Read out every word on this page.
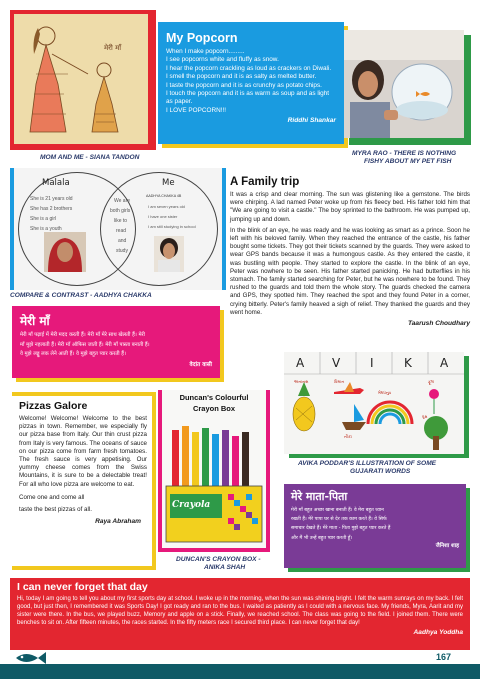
मेरी माँ
MOM AND ME - SIANA TANDON
My Popcorn

When I make popcorn.........

I see popcorns white and fluffy as snow.

I hear the popcorn crackling as loud as crackers on Diwali.

I smell the popcorn and it is as salty as melted butter.

I taste the popcorn and it is as crunchy as potato chips.

I touch the popcorn and it is as warm as soup and as light as paper.

I LOVE POPCORN!!!

Riddhi Shankar
MYRA RAO - THERE IS NOTHING
FISHY ABOUT MY PET FISH
Malala	Me
AADHYA CHAKKA 4B
She is 21 years old
She has 2 brothers
She is a girl
She is a youth
We are
both girls
like to
read
and
study
I am seven years old
I have one sister
I am still studying in school
COMPARE & CONTRAST - AADHYA CHAKKA
A Family trip

It was a crisp and clear morning. The sun was glistening like a gemstone. The birds were chirping. A lad named Peter woke up from his fleecy bed. His father told him that "We are going to visit a castle." The boy sprinted to the bathroom. He was pumped up, jumping up and down.

In the blink of an eye, he was ready and he was looking as smart as a prince. Soon he left with his beloved family. When they reached the entrance of the castle, his father bought some tickets. They got their tickets scanned by the guards. They were asked to wear GPS bands because it was a humongous castle. As they entered the castle, it was bustling with people. They started to explore the castle. In the blink of an eye, Peter was nowhere to be seen. His father started panicking. He had butterflies in his stomach. The family started searching for Peter, but he was nowhere to be found. They rushed to the guards and told them the whole story. The guards checked the camera and GPS, they spotted him. They reached the spot and they found Peter in a corner, crying bitterly. Peter's family heaved a sigh of relief. They thanked the guards and they went home.

Taarush Choudhary
मेरी माँ

मेरी माँ पढ़ाई में मेरी मदद करती हैं। मेरी माँ मेरे साथ खेलती हैं। मेरी

माँ मुझे नहलाती हैं। मेरी माँ ऑफिस जाती हैं। मेरी माँ पास्ता बनाती हैं।

वे मुझे लड्डू लक लेने आती हैं। वे मुझे बहुत प्यार करती हैं।

वेदांत वासी	A V I	K A
અનાનસ	વિમાન
મેઘધનુષ
ફૂલ
નૌકા
વૃક્ષ
AVIKA PODDAR'S ILLUSTRATION OF SOME
GUJARATI WORDS
Pizzas Galore

Welcome! Welcome! Welcome to the best pizzas in town. Remember, we especially fly our pizza base from Italy. Our thin crust pizza from Italy is very famous. The oceans of sauce on our pizza come from farm fresh tomatoes. The fresh sauce is very appetising. Our yummy cheese comes from the Swiss Mountains, it is sure to be a delectable treat! For all who love pizza are welcome to eat.

Come one and come all

taste the best pizzas of all.

Raya Abraham
Duncan's Colourful
Crayon Box
Crayola
DUNCAN'S CRAYON BOX -
ANIKA SHAH
मेरे माता-पिता

मेरी माँ बहुत अच्छा खाना बनाती हैं। वे मेरा बहुत ध्यान

रखती हैं। मेरे पापा घर से देर तक काम करते हैं। वे सिर्फ

समाचार देखते हैं। मेरे माता - पिता मुझे बहुत प्यार करते हैं

और मैं भी उन्हें बहुत प्यार करती हूँ।

जैनिशा शाह
I can never forget that day

Hi, today I am going to tell you about my first sports day at school. I woke up in the morning, when the sun was shining bright. I felt the warm sunrays on my back. I felt good, but just then, I remembered it was Sports Day! I got ready and ran to the bus. I waited as patiently as I could with a nervous face. My friends, Myra, Aarit and my sister were there. In the bus, we played buzz, Memory and apple on a stick. Finally, we reached school. The class was going to the field. I joined them. There were benches to sit on. After fifteen minutes, the races started. In the fifty meters race I secured third place. I can never forget that day!

Aadhya Yoddha
167
